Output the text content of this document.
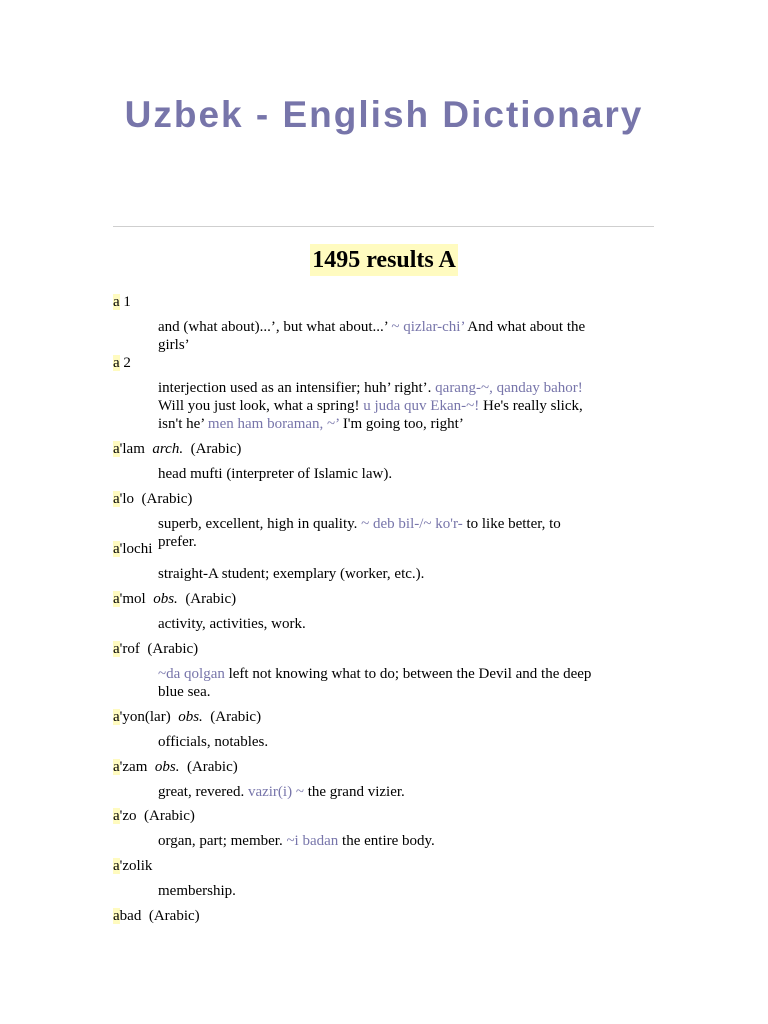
Uzbek - English Dictionary
1495 results A
a 1
and (what about)...’, but what about...’ ~ qizlar-chi’ And what about the girls’
a 2
interjection used as an intensifier; huh’ right’. qarang-~, qanday bahor! Will you just look, what a spring! u juda quv Ekan-~! He's really slick, isn't he’ men ham boraman, ~’ I'm going too, right’
a'lam  arch.  (Arabic)
head mufti (interpreter of Islamic law).
a'lo  (Arabic)
superb, excellent, high in quality. ~ deb bil-/~ ko'r- to like better, to prefer.
a'lochi
straight-A student; exemplary (worker, etc.).
a'mol  obs.  (Arabic)
activity, activities, work.
a'rof  (Arabic)
~da qolgan left not knowing what to do; between the Devil and the deep blue sea.
a'yon(lar)  obs.  (Arabic)
officials, notables.
a'zam  obs.  (Arabic)
great, revered. vazir(i) ~ the grand vizier.
a'zo  (Arabic)
organ, part; member. ~i badan the entire body.
a'zolik
membership.
abad  (Arabic)
